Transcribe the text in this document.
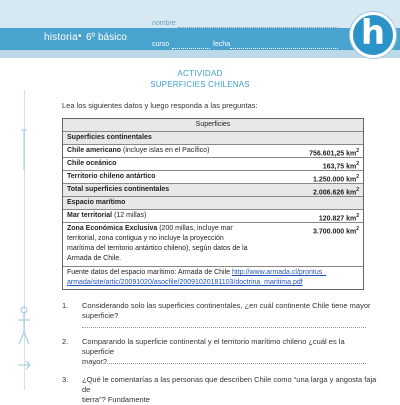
historia • 6º básico
nombre
curso	fecha	h
ACTIVIDAD
SUPERFICIES CHILENAS
Lea los siguientes datos y luego responda a las preguntas:
Superficies
Superficies continentales
Chile americano (incluye islas en el Pacífico)	756.601,25 $km^2$
Chile oceánico	163,75 $km^2$
Territorio chileno antártico	1.250.000 $km^2$
Total superficies continentales	2.006.626 $km^2$
Espacio marítimo
Mar territorial (12 millas)	120.827 $km^2$
Zona Económica Exclusiva (200 millas, incluye mar
territorial, zona contigua y no incluye la proyección
marítima del territorio antártico chileno), según datos de la
Armada de Chile.
3.700.000 $km^2$
Fuente datos del espacio marítimo: Armada de Chile http://www.armada.cl/prontus_
armada/site/artic/20091020/asocfile/20091020181103/doctrina_maritima.pdf
1. Considerando solo las superficies continentales, ¿en cuál continente Chile tiene mayor
superficie?
2. Comparando la superficie continental y el territorio marítimo chileno ¿cuál es la superficie
mayor?
3. ¿Qué le comentarías a las personas que describen Chile como “una larga y angosta faja de
tierra”? Fundamente
